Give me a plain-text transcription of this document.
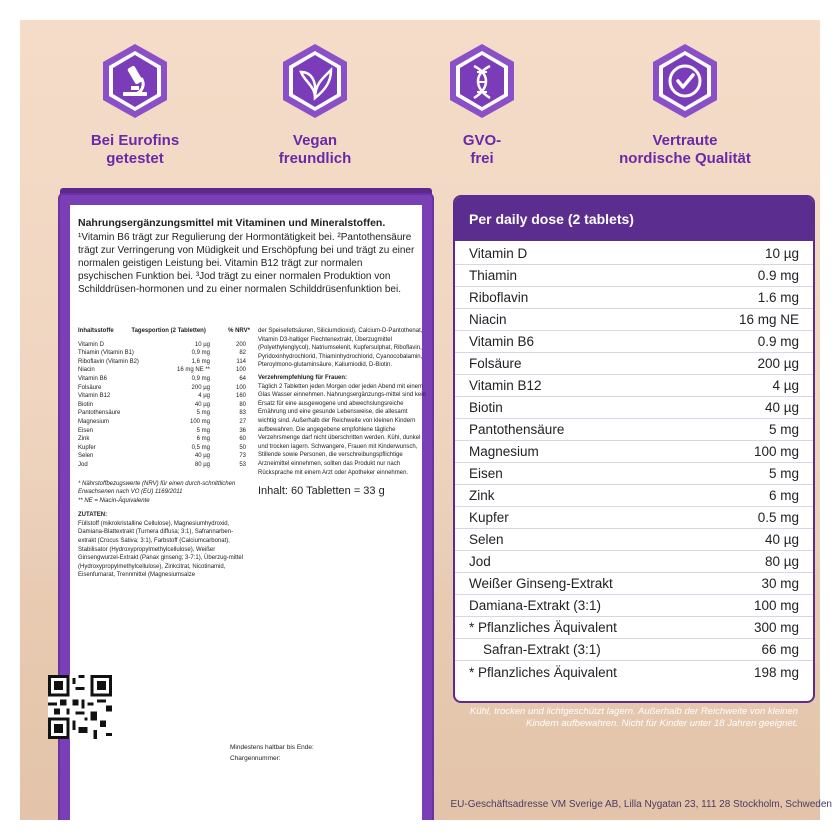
Bei Eurofins
getestet
Vegan
freundlich
GVO-
frei
Vertraute
nordische Qualität
Nahrungsergänzungsmittel mit Vitaminen und Mineralstoffen.
¹Vitamin B6 trägt zur Regulierung der Hormontätigkeit bei. ²Pantothensäure trägt zur Verringerung von Müdigkeit und Erschöpfung bei und trägt zu einer normalen geistigen Leistung bei. Vitamin B12 trägt zur normalen psychischen Funktion bei. ³Jod trägt zu einer normalen Produktion von Schilddrüsen-hormonen und zu einer normalen Schilddrüsenfunktion bei.
Inhaltsstoffe	Tagesportion (2 Tabletten)	% NRV*
Vitamin D	10 µg	200
Thiamin (Vitamin B1)	0,9 mg	82
Riboflavin (Vitamin B2)	1,6 mg	114
Niacin	16 mg NE **	100
Vitamin B6	0,9 mg	64
Folsäure	200 µg	100
Vitamin B12	4 µg	160
Biotin	40 µg	80
Pantothensäure	5 mg	83
Magnesium	100 mg	27
Eisen	5 mg	36
Zink	6 mg	60
Kupfer	0,5 mg	50
Selen	40 µg	73
Jod	80 µg	53
* Nährstoffbezugswerte (NRV) für einen durch-schnittlichen Erwachsenen nach VO (EU) 1169/2011
** NE = Niacin-Äquivalente
ZUTATEN:
Füllstoff (mikrokristalline Cellulose), Magnesiumhydroxid, Damiana-Blattextrakt (Turnera diffusa; 3:1), Safrannarben-extrakt (Crocus Sativa; 3:1), Farbstoff (Calciumcarbonat), Stabilisator (Hydroxypropylmethylcellulose), Weißer Ginsengwurzel-Extrakt (Panax ginseng; 3-7:1), Überzug-mittel (Hydroxypropylmethylcellulose), Zinkcitrat, Nicotinamid, Eisenfumarat, Trennmittel (Magnesiumsalze
der Speisefettsäuren, Siliciumdioxid), Calcium-D-Pantothenat, Vitamin D3-haltiger Flechtenextrakt, Überzugmittel (Polyethylenglycol), Natriumselenit, Kupfersulphat, Riboflavin, Pyridoxinhydrochlorid, Thiaminhydrochlorid, Cyanocobalamin, Pteroylmono-glutaminsäure, Kaliumiodid, D-Biotin.
Verzehrempfehlung für Frauen:
Täglich 2 Tabletten jeden Morgen oder jeden Abend mit einem Glas Wasser einnehmen. Nahrungsergänzungs-mittel sind kein Ersatz für eine ausgewogene und abwechslungsreiche Ernährung und eine gesunde Lebensweise, die allesamt wichtig sind. Außerhalb der Reichweite von kleinen Kindern aufbewahren. Die angegebene empfohlene tägliche Verzehrsmenge darf nicht überschritten werden. Kühl, dunkel und trocken lagern. Schwangere, Frauen mit Kinderwunsch, Stillende sowie Personen, die verschreibungspflichtige Arzneimittel einnehmen, sollten das Produkt nur nach Rücksprache mit einem Arzt oder Apotheker einnehmen.
Inhalt: 60 Tabletten = 33 g
Mindestens haltbar bis Ende:
Chargennummer:
Per daily dose (2 tablets)
Vitamin D	10 µg
Thiamin	0.9 mg
Riboflavin	1.6 mg
Niacin	16 mg NE
Vitamin B6	0.9 mg
Folsäure	200 µg
Vitamin B12	4 µg
Biotin	40 µg
Pantothensäure	5 mg
Magnesium	100 mg
Eisen	5 mg
Zink	6 mg
Kupfer	0.5 mg
Selen	40 µg
Jod	80 µg
Weißer Ginseng-Extrakt	30 mg
Damiana-Extrakt (3:1)	100 mg
* Pflanzliches Äquivalent	300 mg
Safran-Extrakt (3:1)	66 mg
* Pflanzliches Äquivalent	198 mg
Kühl, trocken und lichtgeschützt lagern. Außerhalb der Reichweite von kleinen Kindern aufbewahren. Nicht für Kinder unter 18 Jahren geeignet.
EU-Geschäftsadresse VM Sverige AB, Lilla Nygatan 23, 111 28 Stockholm, Schweden
